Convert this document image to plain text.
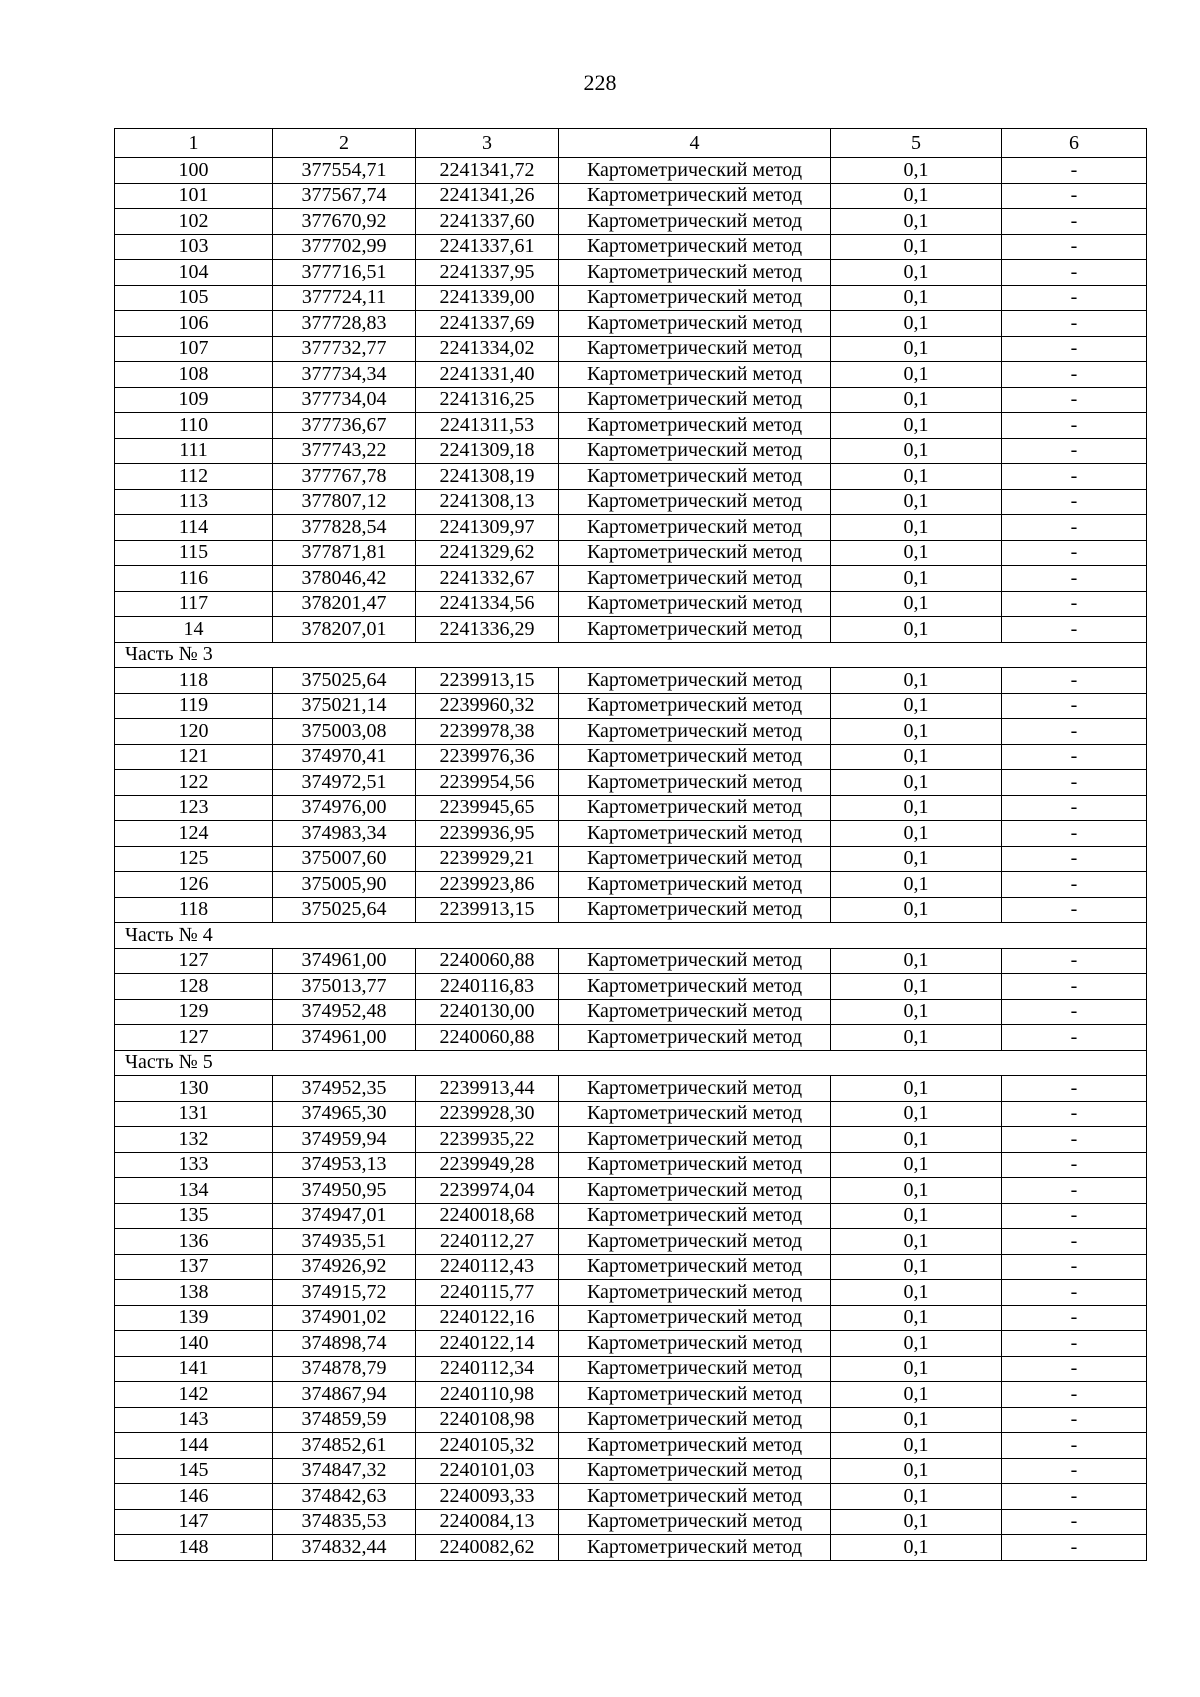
228
1	2	3	4	5	6
100	377554,71	2241341,72	Картометрический метод	0,1	-
101	377567,74	2241341,26	Картометрический метод	0,1	-
102	377670,92	2241337,60	Картометрический метод	0,1	-
103	377702,99	2241337,61	Картометрический метод	0,1	-
104	377716,51	2241337,95	Картометрический метод	0,1	-
105	377724,11	2241339,00	Картометрический метод	0,1	-
106	377728,83	2241337,69	Картометрический метод	0,1	-
107	377732,77	2241334,02	Картометрический метод	0,1	-
108	377734,34	2241331,40	Картометрический метод	0,1	-
109	377734,04	2241316,25	Картометрический метод	0,1	-
110	377736,67	2241311,53	Картометрический метод	0,1	-
111	377743,22	2241309,18	Картометрический метод	0,1	-
112	377767,78	2241308,19	Картометрический метод	0,1	-
113	377807,12	2241308,13	Картометрический метод	0,1	-
114	377828,54	2241309,97	Картометрический метод	0,1	-
115	377871,81	2241329,62	Картометрический метод	0,1	-
116	378046,42	2241332,67	Картометрический метод	0,1	-
117	378201,47	2241334,56	Картометрический метод	0,1	-
14	378207,01	2241336,29	Картометрический метод	0,1	-
Часть № 3					
118	375025,64	2239913,15	Картометрический метод	0,1	-
119	375021,14	2239960,32	Картометрический метод	0,1	-
120	375003,08	2239978,38	Картометрический метод	0,1	-
121	374970,41	2239976,36	Картометрический метод	0,1	-
122	374972,51	2239954,56	Картометрический метод	0,1	-
123	374976,00	2239945,65	Картометрический метод	0,1	-
124	374983,34	2239936,95	Картометрический метод	0,1	-
125	375007,60	2239929,21	Картометрический метод	0,1	-
126	375005,90	2239923,86	Картометрический метод	0,1	-
118	375025,64	2239913,15	Картометрический метод	0,1	-
Часть № 4					
127	374961,00	2240060,88	Картометрический метод	0,1	-
128	375013,77	2240116,83	Картометрический метод	0,1	-
129	374952,48	2240130,00	Картометрический метод	0,1	-
127	374961,00	2240060,88	Картометрический метод	0,1	-
Часть № 5					
130	374952,35	2239913,44	Картометрический метод	0,1	-
131	374965,30	2239928,30	Картометрический метод	0,1	-
132	374959,94	2239935,22	Картометрический метод	0,1	-
133	374953,13	2239949,28	Картометрический метод	0,1	-
134	374950,95	2239974,04	Картометрический метод	0,1	-
135	374947,01	2240018,68	Картометрический метод	0,1	-
136	374935,51	2240112,27	Картометрический метод	0,1	-
137	374926,92	2240112,43	Картометрический метод	0,1	-
138	374915,72	2240115,77	Картометрический метод	0,1	-
139	374901,02	2240122,16	Картометрический метод	0,1	-
140	374898,74	2240122,14	Картометрический метод	0,1	-
141	374878,79	2240112,34	Картометрический метод	0,1	-
142	374867,94	2240110,98	Картометрический метод	0,1	-
143	374859,59	2240108,98	Картометрический метод	0,1	-
144	374852,61	2240105,32	Картометрический метод	0,1	-
145	374847,32	2240101,03	Картометрический метод	0,1	-
146	374842,63	2240093,33	Картометрический метод	0,1	-
147	374835,53	2240084,13	Картометрический метод	0,1	-
148	374832,44	2240082,62	Картометрический метод	0,1	-
